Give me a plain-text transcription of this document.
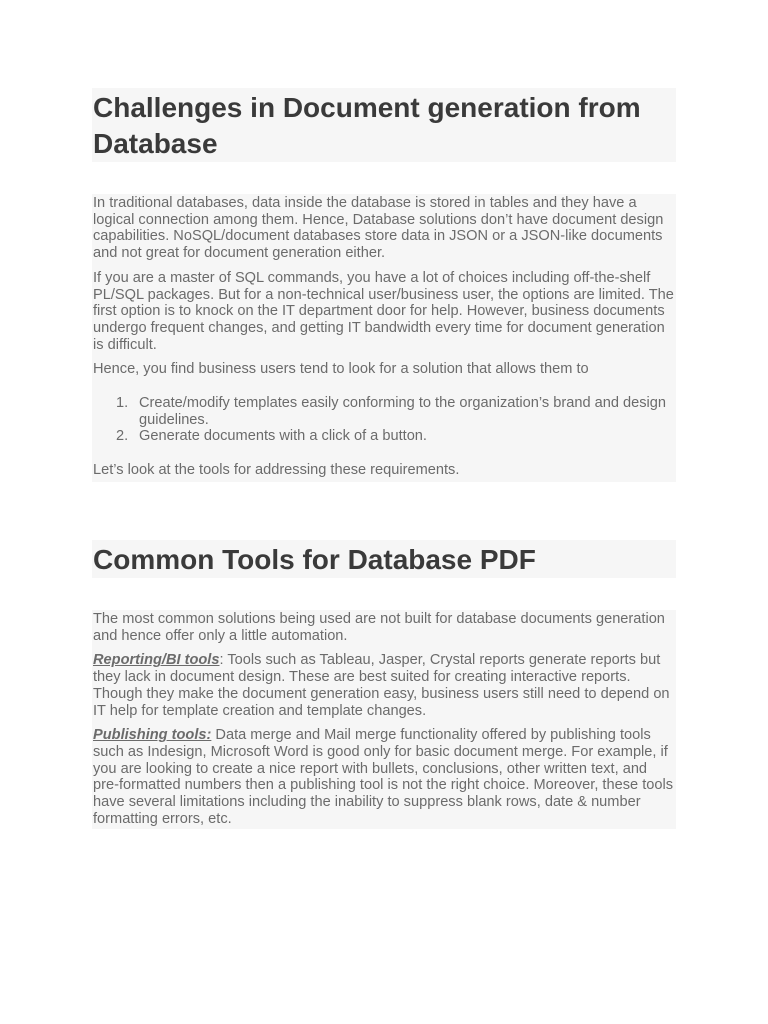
Challenges in Document generation from Database

In traditional databases, data inside the database is stored in tables and they have a logical connection among them. Hence, Database solutions don’t have document design capabilities. NoSQL/document databases store data in JSON or a JSON-like documents and not great for document generation either.

If you are a master of SQL commands, you have a lot of choices including off-the-shelf PL/SQL packages. But for a non-technical user/business user, the options are limited. The first option is to knock on the IT department door for help. However, business documents undergo frequent changes, and getting IT bandwidth every time for document generation is difficult.

Hence, you find business users tend to look for a solution that allows them to

1. Create/modify templates easily conforming to the organization’s brand and design guidelines.
2. Generate documents with a click of a button.

Let’s look at the tools for addressing these requirements.

Common Tools for Database PDF

The most common solutions being used are not built for database documents generation and hence offer only a little automation.

Reporting/BI tools: Tools such as Tableau, Jasper, Crystal reports generate reports but they lack in document design. These are best suited for creating interactive reports. Though they make the document generation easy, business users still need to depend on IT help for template creation and template changes.

Publishing tools: Data merge and Mail merge functionality offered by publishing tools such as Indesign, Microsoft Word is good only for basic document merge. For example, if you are looking to create a nice report with bullets, conclusions, other written text, and pre-formatted numbers then a publishing tool is not the right choice. Moreover, these tools have several limitations including the inability to suppress blank rows, date & number formatting errors, etc.
